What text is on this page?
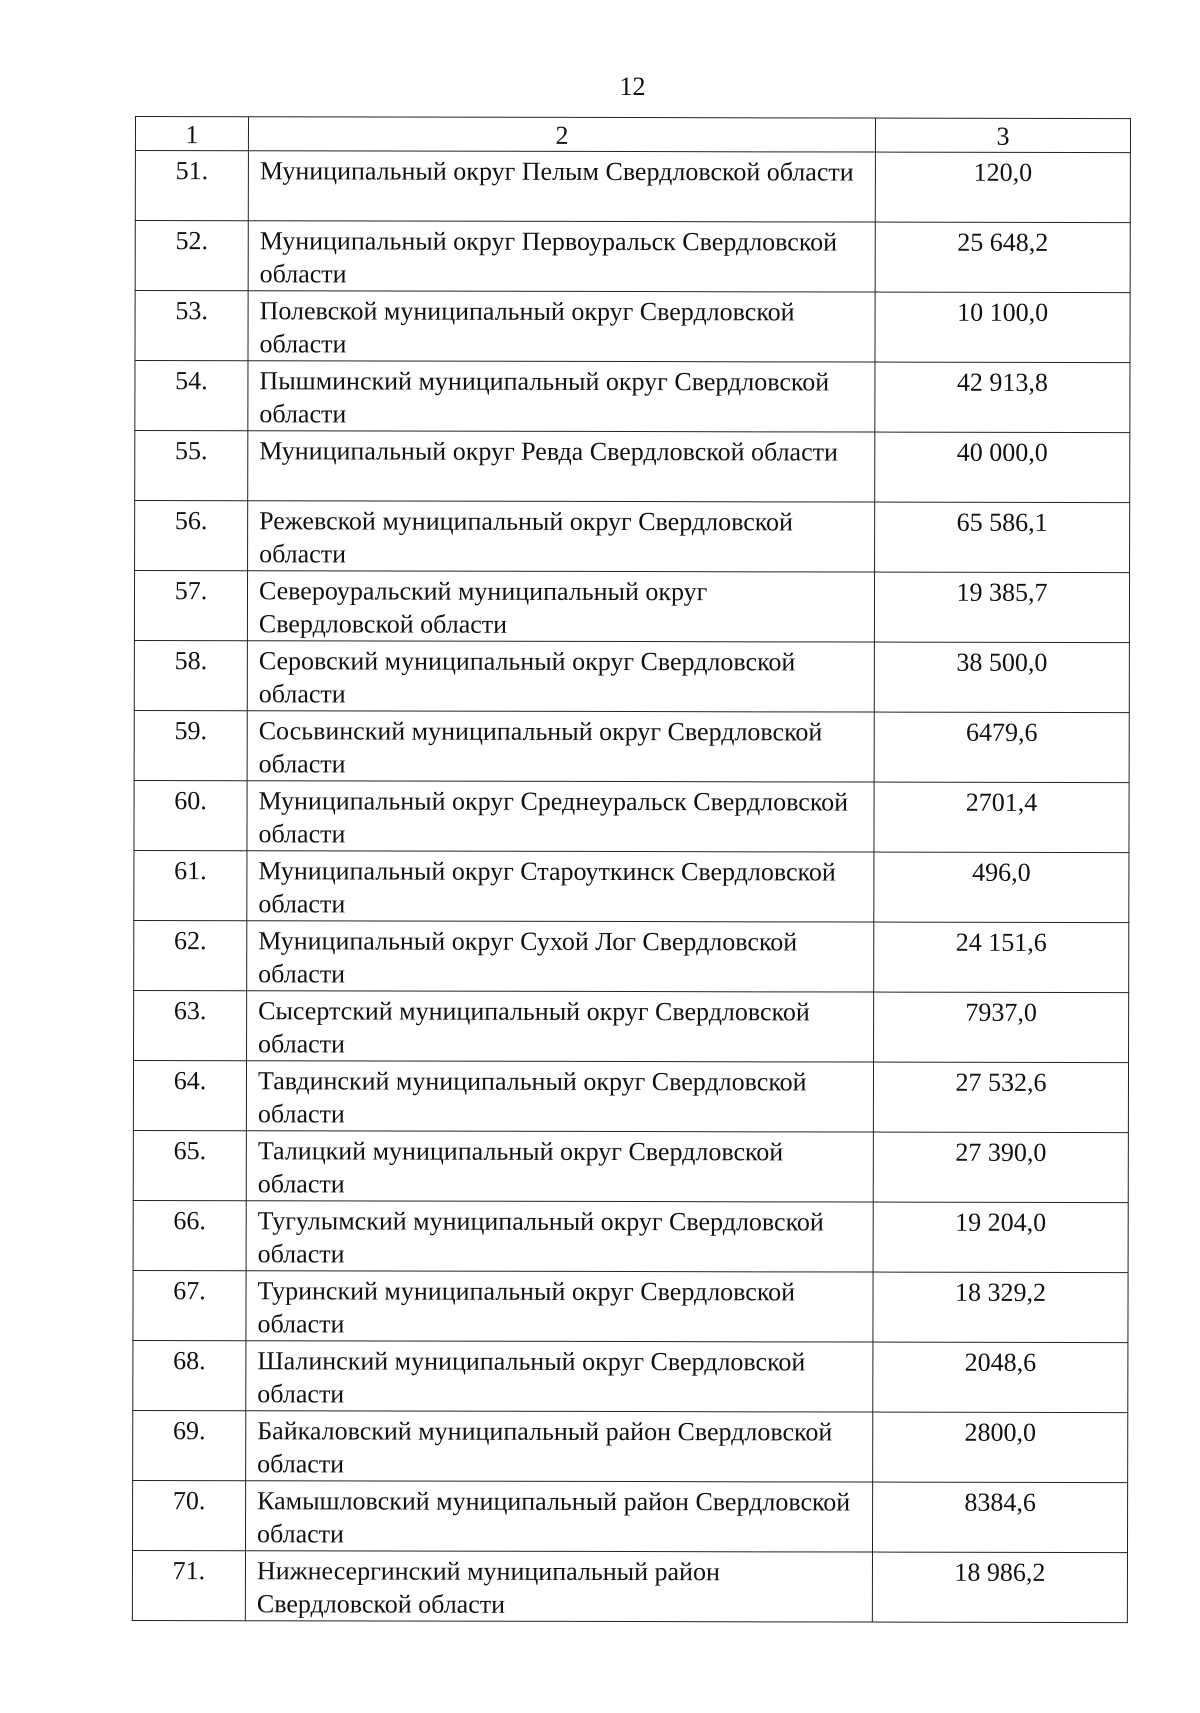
12
1	2	3
51.	Муниципальный округ Пелым Свердловской области	120,0
52.	Муниципальный округ Первоуральск Свердловской области	25 648,2
53.	Полевской муниципальный округ Свердловской области	10 100,0
54.	Пышминский муниципальный округ Свердловской области	42 913,8
55.	Муниципальный округ Ревда Свердловской области	40 000,0
56.	Режевской муниципальный округ Свердловской области	65 586,1
57.	Североуральский муниципальный округ Свердловской области	19 385,7
58.	Серовский муниципальный округ Свердловской области	38 500,0
59.	Сосьвинский муниципальный округ Свердловской области	6479,6
60.	Муниципальный округ Среднеуральск Свердловской области	2701,4
61.	Муниципальный округ Староуткинск Свердловской области	496,0
62.	Муниципальный округ Сухой Лог Свердловской области	24 151,6
63.	Сысертский муниципальный округ Свердловской области	7937,0
64.	Тавдинский муниципальный округ Свердловской области	27 532,6
65.	Талицкий муниципальный округ Свердловской области	27 390,0
66.	Тугулымский муниципальный округ Свердловской области	19 204,0
67.	Туринский муниципальный округ Свердловской области	18 329,2
68.	Шалинский муниципальный округ Свердловской области	2048,6
69.	Байкаловский муниципальный район Свердловской области	2800,0
70.	Камышловский муниципальный район Свердловской области	8384,6
71.	Нижнесергинский муниципальный район Свердловской области	18 986,2
